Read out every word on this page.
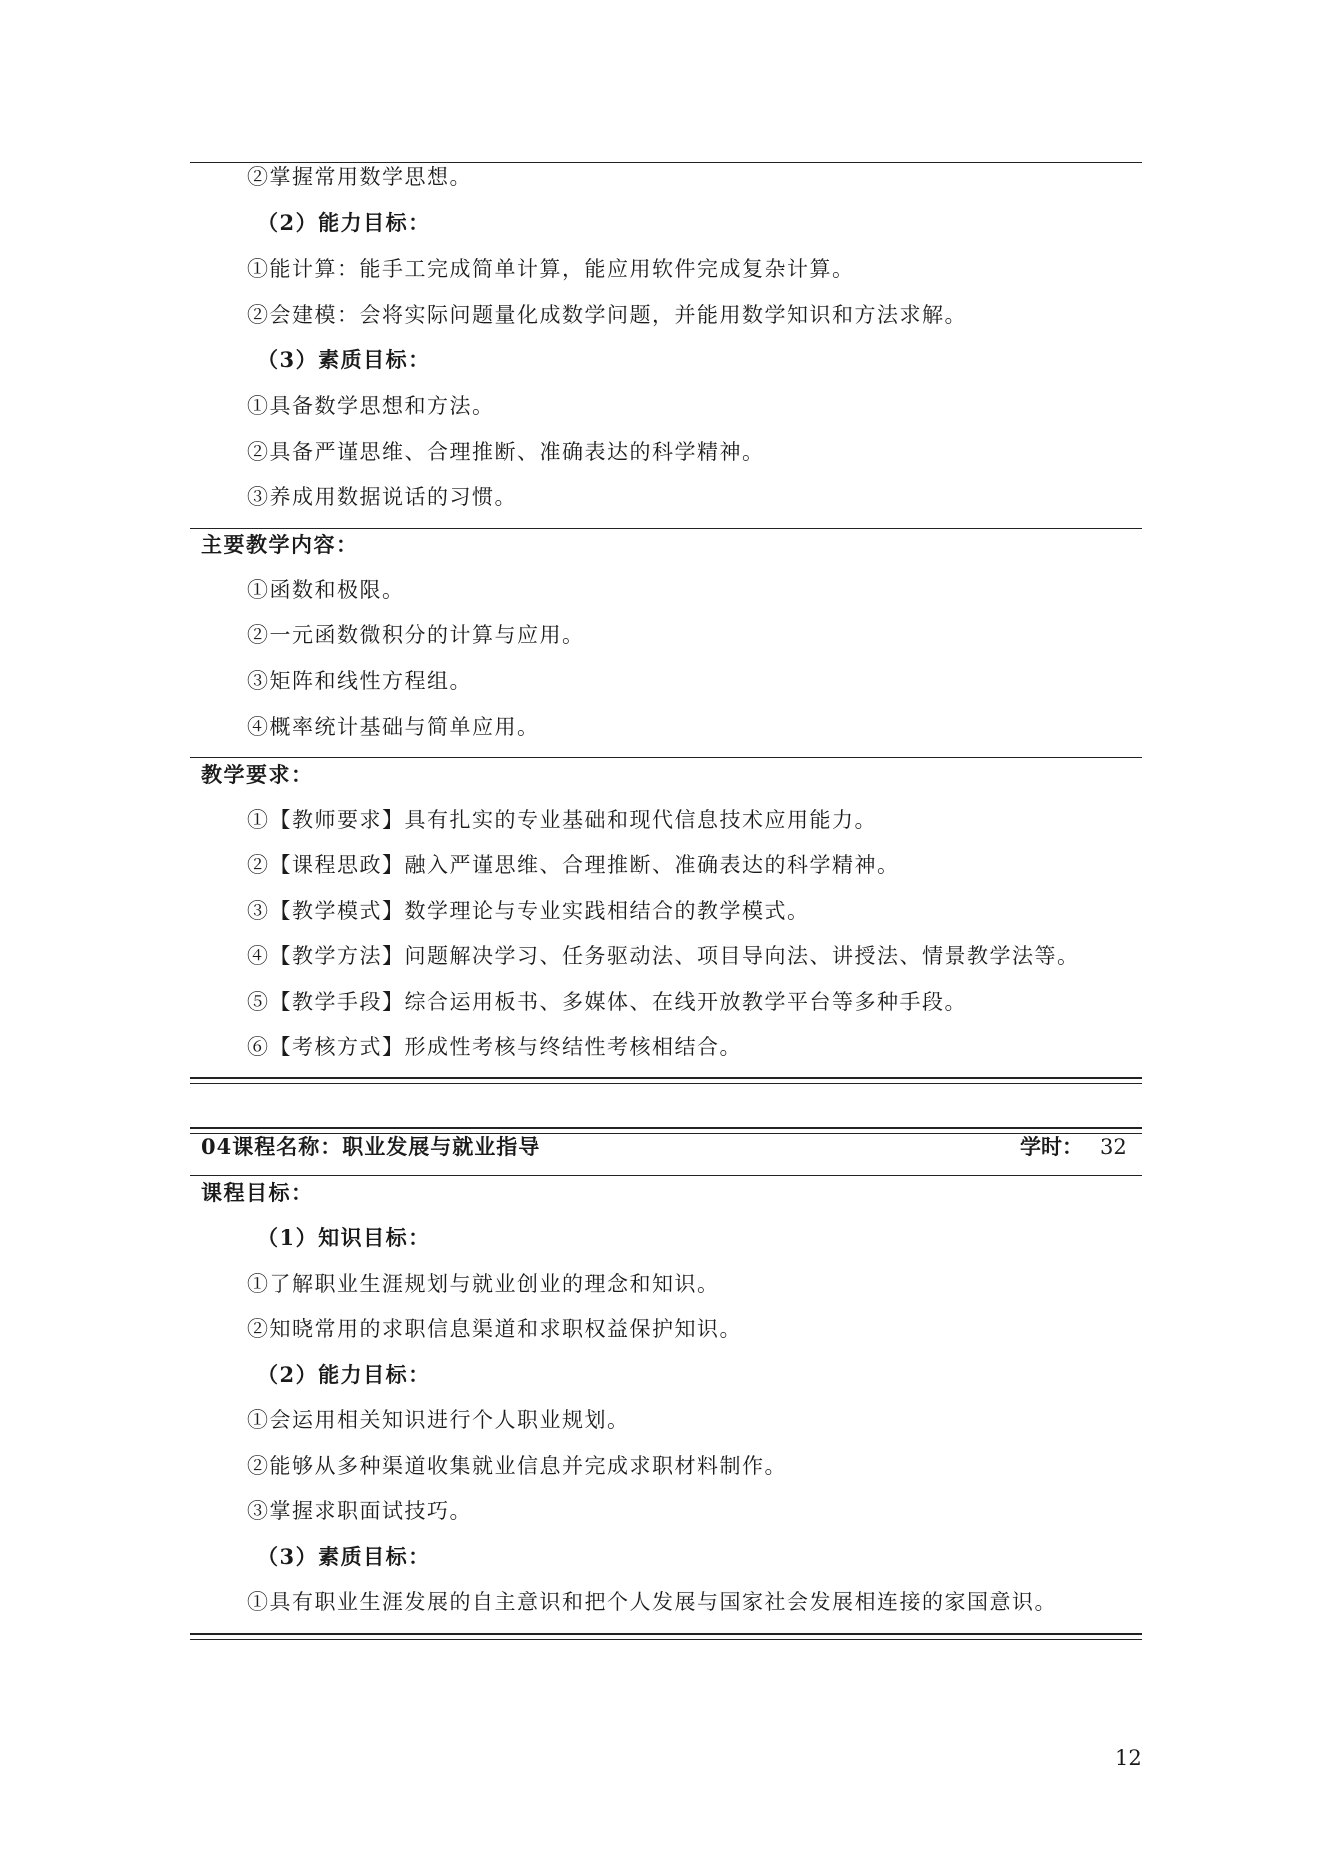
②掌握常用数学思想。
（2）能力目标：
①能计算：能手工完成简单计算，能应用软件完成复杂计算。
②会建模：会将实际问题量化成数学问题，并能用数学知识和方法求解。
（3）素质目标：
①具备数学思想和方法。
②具备严谨思维、合理推断、准确表达的科学精神。
③养成用数据说话的习惯。
主要教学内容：
①函数和极限。
②一元函数微积分的计算与应用。
③矩阵和线性方程组。
④概率统计基础与简单应用。
教学要求：
①【教师要求】具有扎实的专业基础和现代信息技术应用能力。
②【课程思政】融入严谨思维、合理推断、准确表达的科学精神。
③【教学模式】数学理论与专业实践相结合的教学模式。
④【教学方法】问题解决学习、任务驱动法、项目导向法、讲授法、情景教学法等。
⑤【教学手段】综合运用板书、多媒体、在线开放教学平台等多种手段。
⑥【考核方式】形成性考核与终结性考核相结合。
04课程名称：职业发展与就业指导	学时： 32
课程目标：
（1）知识目标：
①了解职业生涯规划与就业创业的理念和知识。
②知晓常用的求职信息渠道和求职权益保护知识。
（2）能力目标：
①会运用相关知识进行个人职业规划。
②能够从多种渠道收集就业信息并完成求职材料制作。
③掌握求职面试技巧。
（3）素质目标：
①具有职业生涯发展的自主意识和把个人发展与国家社会发展相连接的家国意识。
12
